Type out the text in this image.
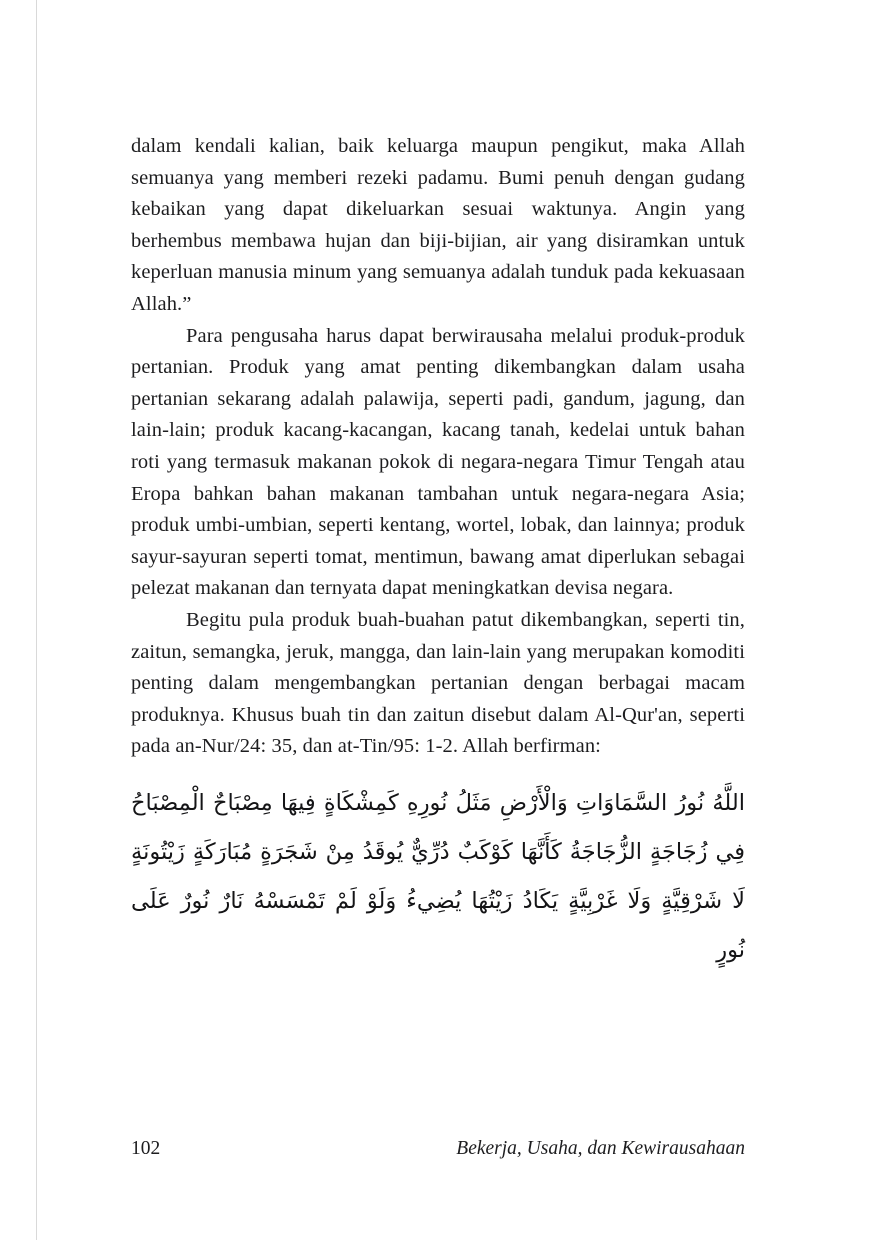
dalam kendali kalian, baik keluarga maupun pengikut, maka Allah semuanya yang memberi rezeki padamu. Bumi penuh dengan gudang kebaikan yang dapat dikeluarkan sesuai waktunya. Angin yang berhembus membawa hujan dan biji-bijian, air yang disiramkan untuk keperluan manusia minum yang semuanya adalah tunduk pada kekuasaan Allah.”

Para pengusaha harus dapat berwirausaha melalui produk-produk pertanian. Produk yang amat penting dikembangkan dalam usaha pertanian sekarang adalah palawija, seperti padi, gandum, jagung, dan lain-lain; produk kacang-kacangan, kacang tanah, kedelai untuk bahan roti yang termasuk makanan pokok di negara-negara Timur Tengah atau Eropa bahkan bahan makanan tambahan untuk negara-negara Asia; produk umbi-umbian, seperti kentang, wortel, lobak, dan lainnya; produk sayur-sayuran seperti tomat, mentimun, bawang amat diperlukan sebagai pelezat makanan dan ternyata dapat meningkatkan devisa negara.

Begitu pula produk buah-buahan patut dikembangkan, seperti tin, zaitun, semangka, jeruk, mangga, dan lain-lain yang merupakan komoditi penting dalam mengembangkan pertanian dengan berbagai macam produknya. Khusus buah tin dan zaitun disebut dalam Al-Qur'an, seperti pada an-Nur/24: 35, dan at-Tin/95: 1-2. Allah berfirman:

اللَّهُ نُورُ السَّمَاوَاتِ وَالْأَرْضِ مَثَلُ نُورِهِ كَمِشْكَاةٍ فِيهَا مِصْبَاحٌ الْمِصْبَاحُ فِي زُجَاجَةٍ الزُّجَاجَةُ كَأَنَّهَا كَوْكَبٌ دُرِّيٌّ يُوقَدُ مِنْ شَجَرَةٍ مُبَارَكَةٍ زَيْتُونَةٍ لَا شَرْقِيَّةٍ وَلَا غَرْبِيَّةٍ يَكَادُ زَيْتُهَا يُضِيءُ وَلَوْ لَمْ تَمْسَسْهُ نَارٌ نُورٌ عَلَى نُورٍ

102	Bekerja, Usaha, dan Kewirausahaan
